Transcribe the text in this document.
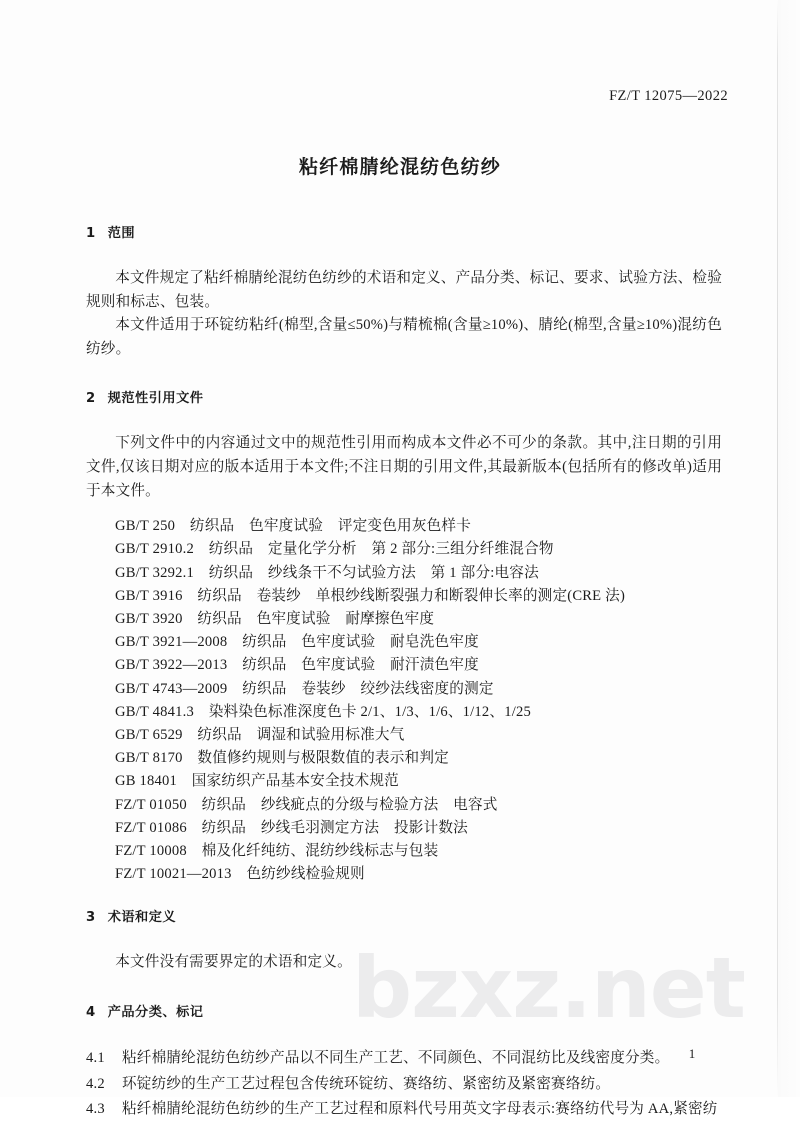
bzxz.net
FZ/T 12075—2022
粘纤棉腈纶混纺色纺纱
1 范围

本文件规定了粘纤棉腈纶混纺色纺纱的术语和定义、产品分类、标记、要求、试验方法、检验规则和标志、包装。

本文件适用于环锭纺粘纤(棉型,含量≤50%)与精梳棉(含量≥10%)、腈纶(棉型,含量≥10%)混纺色纺纱。

2 规范性引用文件

下列文件中的内容通过文中的规范性引用而构成本文件必不可少的条款。其中,注日期的引用文件,仅该日期对应的版本适用于本文件;不注日期的引用文件,其最新版本(包括所有的修改单)适用于本文件。

GB/T 250　纺织品　色牢度试验　评定变色用灰色样卡
GB/T 2910.2　纺织品　定量化学分析　第 2 部分:三组分纤维混合物
GB/T 3292.1　纺织品　纱线条干不匀试验方法　第 1 部分:电容法
GB/T 3916　纺织品　卷装纱　单根纱线断裂强力和断裂伸长率的测定(CRE 法)
GB/T 3920　纺织品　色牢度试验　耐摩擦色牢度
GB/T 3921—2008　纺织品　色牢度试验　耐皂洗色牢度
GB/T 3922—2013　纺织品　色牢度试验　耐汗渍色牢度
GB/T 4743—2009　纺织品　卷装纱　绞纱法线密度的测定
GB/T 4841.3　染料染色标准深度色卡 2/1、1/3、1/6、1/12、1/25
GB/T 6529　纺织品　调湿和试验用标准大气
GB/T 8170　数值修约规则与极限数值的表示和判定
GB 18401　国家纺织产品基本安全技术规范
FZ/T 01050　纺织品　纱线疵点的分级与检验方法　电容式
FZ/T 01086　纺织品　纱线毛羽测定方法　投影计数法
FZ/T 10008　棉及化纤纯纺、混纺纱线标志与包装
FZ/T 10021—2013　色纺纱线检验规则
3 术语和定义

本文件没有需要界定的术语和定义。

4 产品分类、标记
4.1 粘纤棉腈纶混纺色纺纱产品以不同生产工艺、不同颜色、不同混纺比及线密度分类。
4.2 环锭纺纱的生产工艺过程包含传统环锭纺、赛络纺、紧密纺及紧密赛络纺。
4.3 粘纤棉腈纶混纺色纺纱的生产工艺过程和原料代号用英文字母表示:赛络纺代号为 AA,紧密纺
1
